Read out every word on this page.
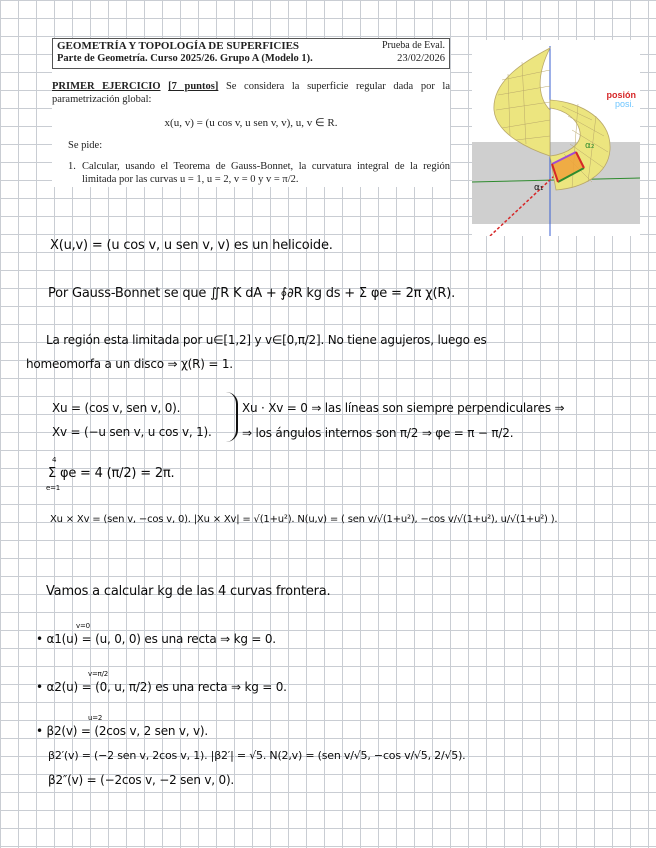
GEOMETRÍA Y TOPOLOGÍA DE SUPERFICIES	Prueba de Eval.
Parte de Geometría. Curso 2025/26. Grupo A (Modelo 1).	23/02/2026
PRIMER EJERCICIO [7 puntos] Se considera la superficie regular dada por la parametrización global:
x(u, v) = (u cos v, u sen v, v), u, v ∈ R.
Se pide:
1. Calcular, usando el Teorema de Gauss-Bonnet, la curvatura integral de la región limitada por las curvas u = 1, u = 2, v = 0 y v = π/2.
α₂
α₁
posión
posi.
X(u,v) = (u cos v, u sen v, v) es un helicoide.
Por Gauss-Bonnet se que ∬R K dA + ∮∂R kg ds + Σ φe = 2π χ(R).
La región esta limitada por u∈[1,2] y v∈[0,π/2]. No tiene agujeros, luego es
homeomorfa a un disco ⇒ χ(R) = 1.
Xu = (cos v, sen v, 0).
Xv = (−u sen v, u cos v, 1).
Xu · Xv = 0 ⇒ las líneas son siempre perpendiculares ⇒
⇒ los ángulos internos son π/2 ⇒ φe = π − π/2.
4
Σ φe = 4 (π/2) = 2π.
e=1
Xu × Xv = (sen v, −cos v, 0). |Xu × Xv| = √(1+u²). N(u,v) = ( sen v/√(1+u²), −cos v/√(1+u²), u/√(1+u²) ).
Vamos a calcular kg de las 4 curvas frontera.
v=0
• α1(u) = (u, 0, 0) es una recta ⇒ kg = 0.
v=π/2
• α2(u) = (0, u, π/2) es una recta ⇒ kg = 0.
u=2
• β2(v) = (2cos v, 2 sen v, v).
β2′(v) = (−2 sen v, 2cos v, 1). |β2′| = √5. N(2,v) = (sen v/√5, −cos v/√5, 2/√5).
β2″(v) = (−2cos v, −2 sen v, 0).
